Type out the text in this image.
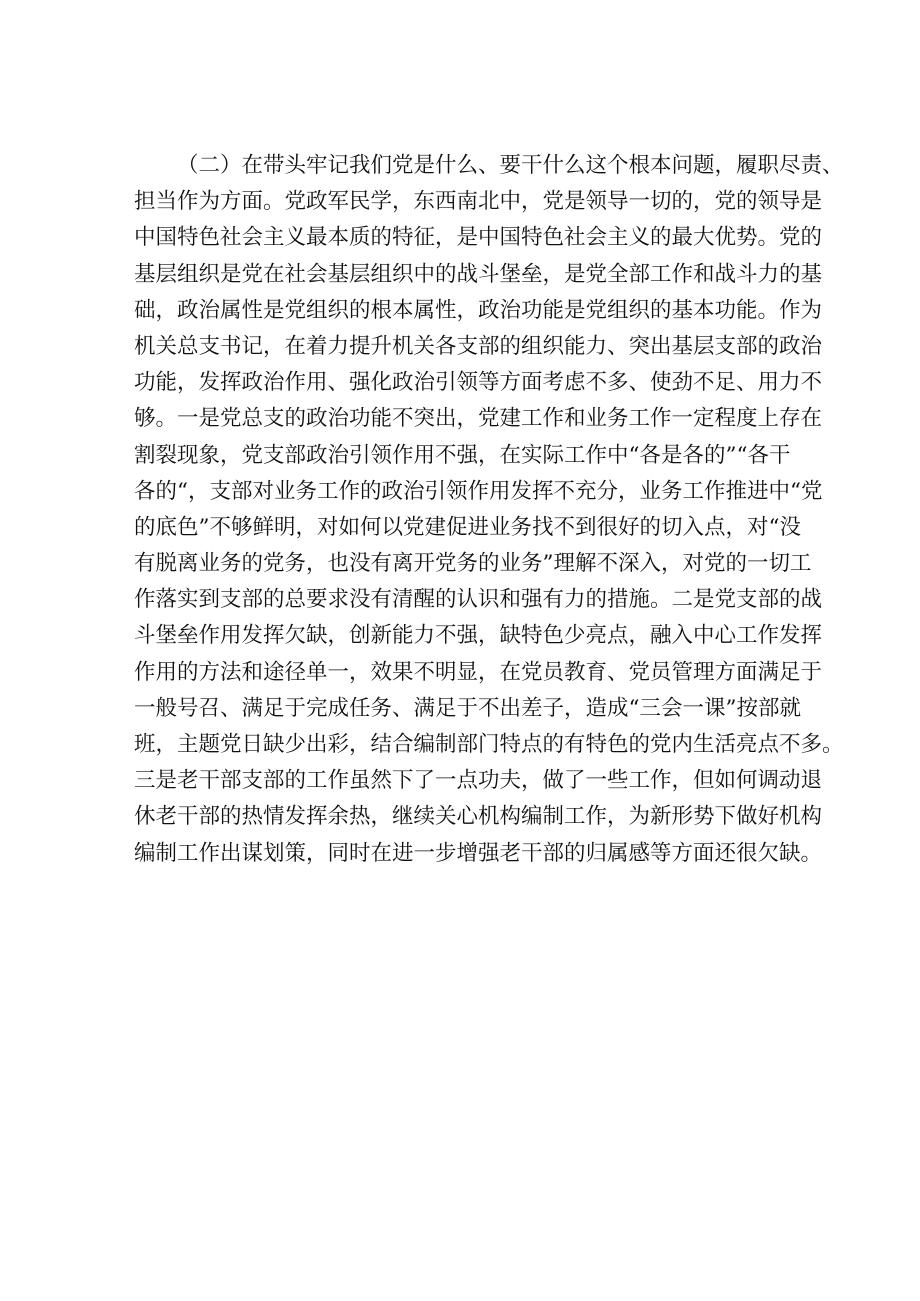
（二）在带头牢记我们党是什么、要干什么这个根本问题，履职尽责、
担当作为方面。党政军民学，东西南北中，党是领导一切的，党的领导是
中国特色社会主义最本质的特征，是中国特色社会主义的最大优势。党的
基层组织是党在社会基层组织中的战斗堡垒，是党全部工作和战斗力的基
础，政治属性是党组织的根本属性，政治功能是党组织的基本功能。作为
机关总支书记，在着力提升机关各支部的组织能力、突出基层支部的政治
功能，发挥政治作用、强化政治引领等方面考虑不多、使劲不足、用力不
够。一是党总支的政治功能不突出，党建工作和业务工作一定程度上存在
割裂现象，党支部政治引领作用不强，在实际工作中“各是各的”“各干
各的“，支部对业务工作的政治引领作用发挥不充分，业务工作推进中“党
的底色”不够鲜明，对如何以党建促进业务找不到很好的切入点，对“没
有脱离业务的党务，也没有离开党务的业务”理解不深入，对党的一切工
作落实到支部的总要求没有清醒的认识和强有力的措施。二是党支部的战
斗堡垒作用发挥欠缺，创新能力不强，缺特色少亮点，融入中心工作发挥
作用的方法和途径单一，效果不明显，在党员教育、党员管理方面满足于
一般号召、满足于完成任务、满足于不出差子，造成“三会一课”按部就
班，主题党日缺少出彩，结合编制部门特点的有特色的党内生活亮点不多。
三是老干部支部的工作虽然下了一点功夫，做了一些工作，但如何调动退
休老干部的热情发挥余热，继续关心机构编制工作，为新形势下做好机构
编制工作出谋划策，同时在进一步增强老干部的归属感等方面还很欠缺。
